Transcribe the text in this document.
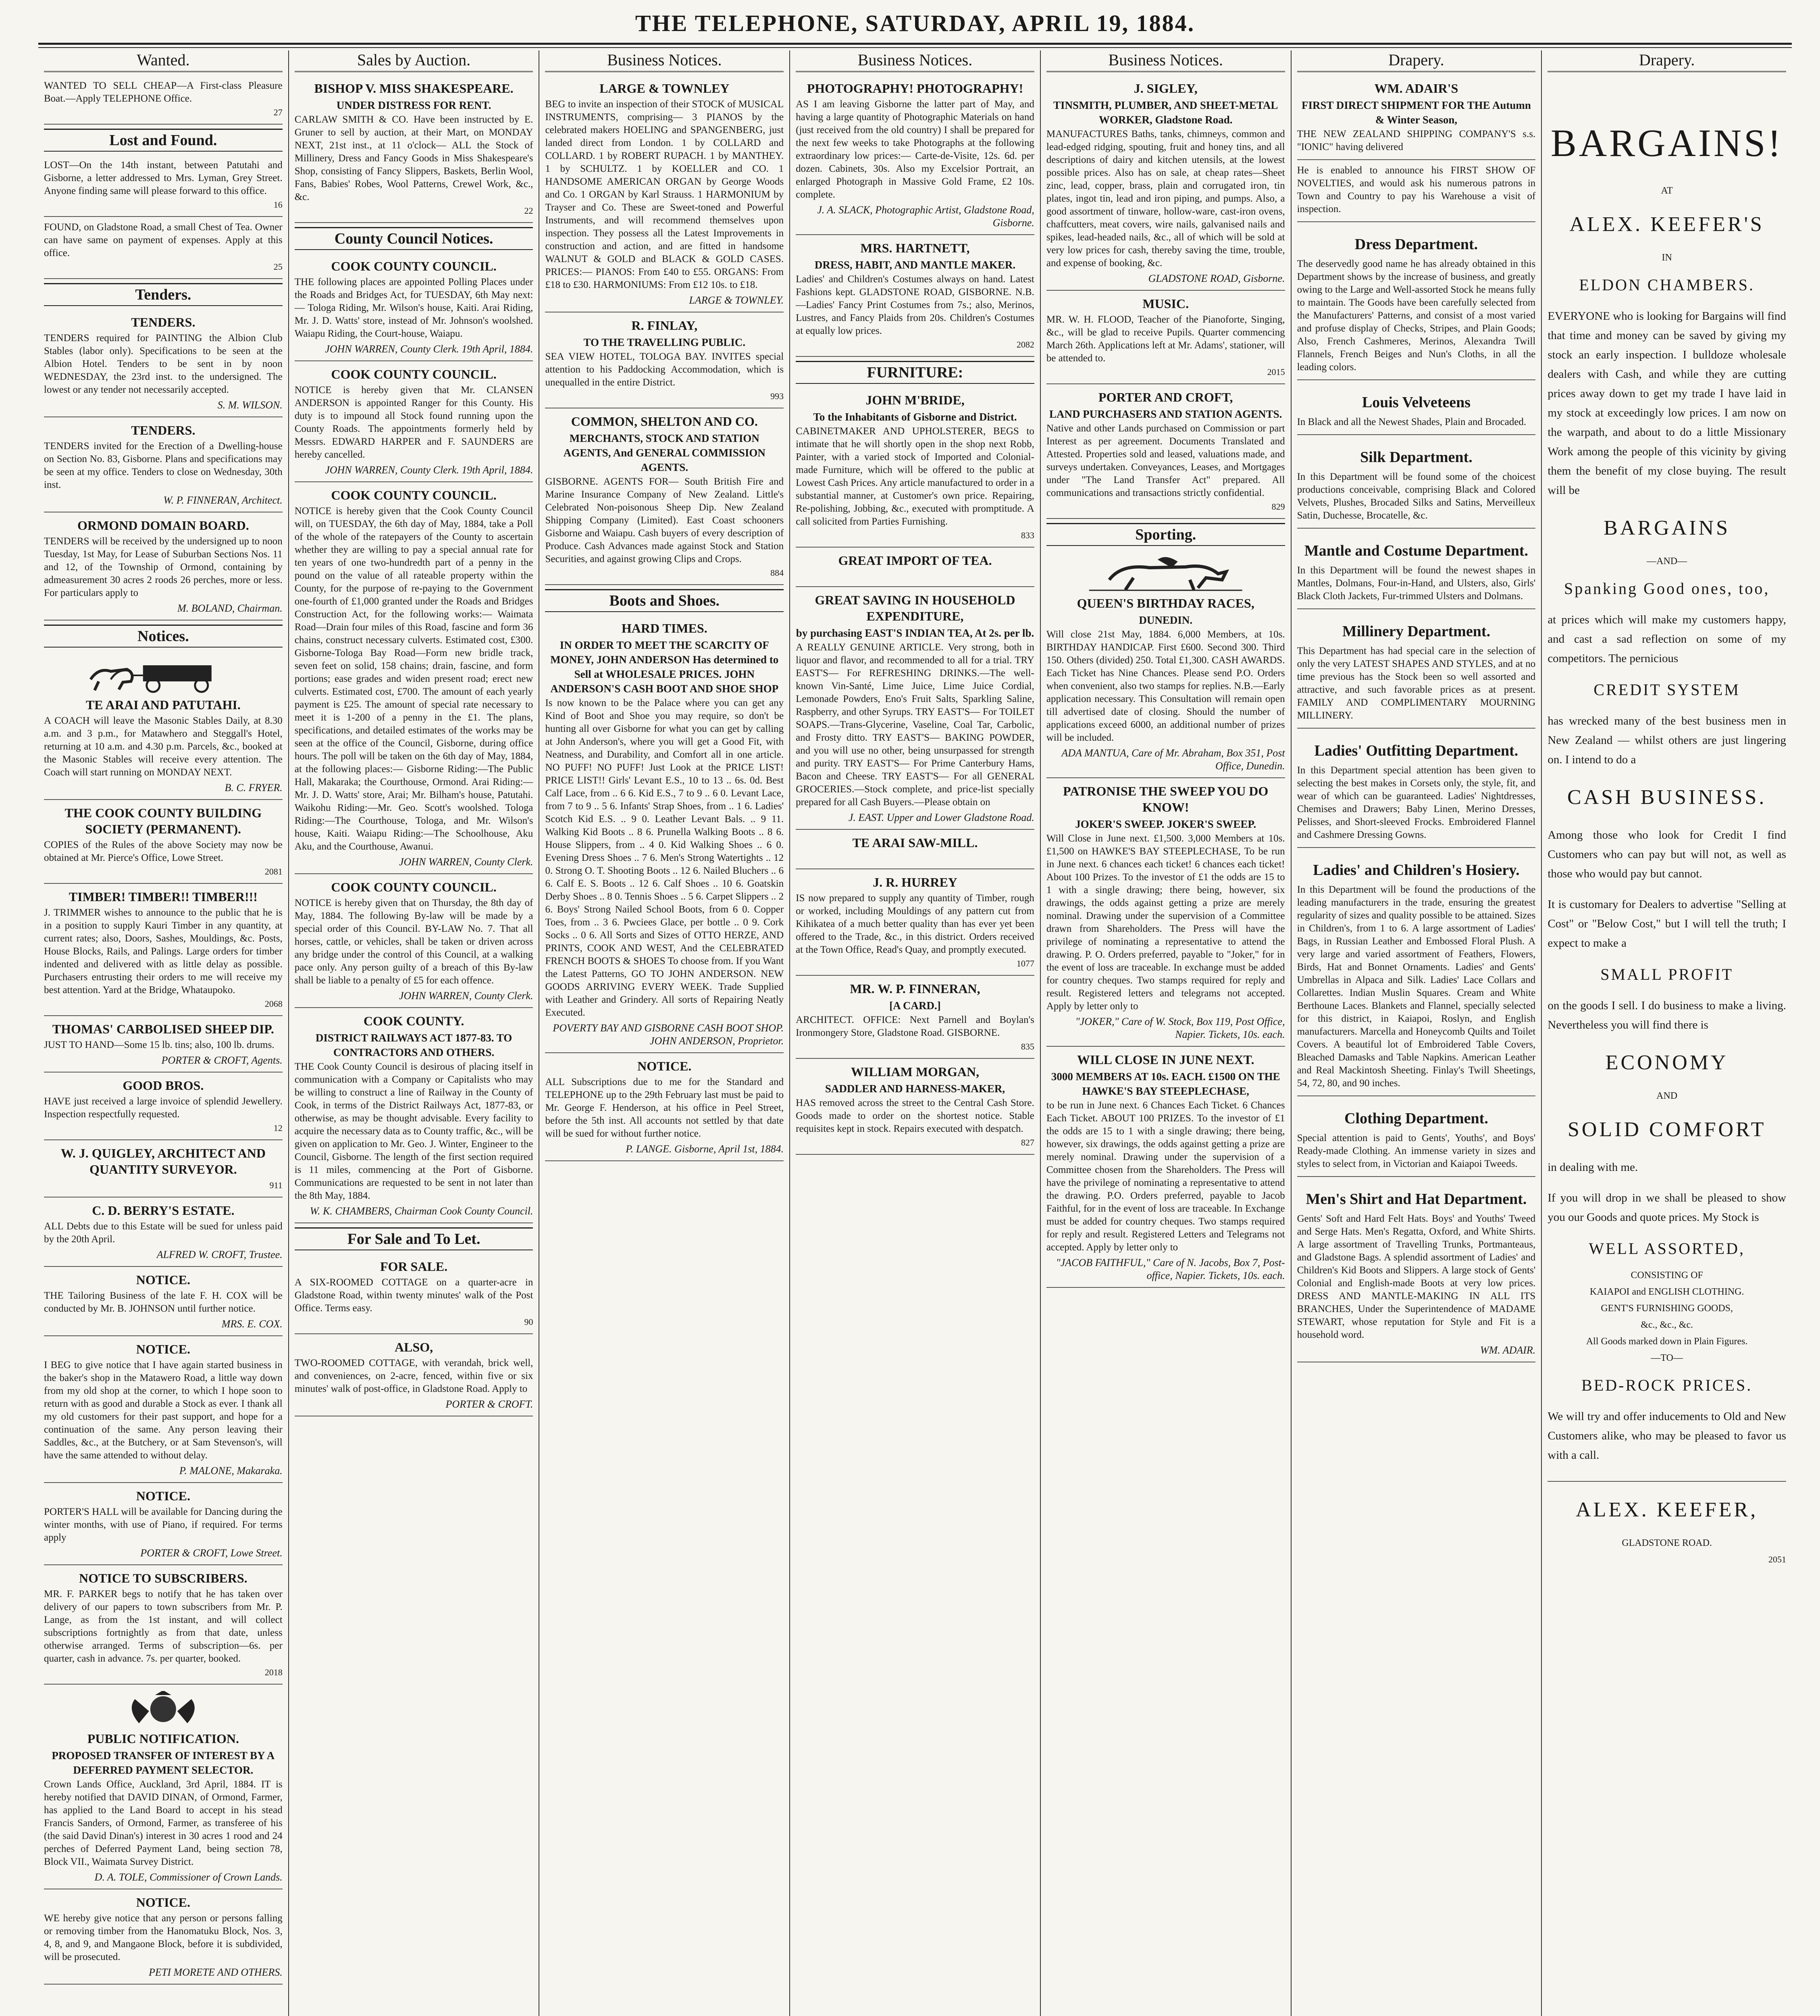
THE TELEPHONE, SATURDAY, APRIL 19, 1884.
Wanted.
WANTED TO SELL CHEAP—A First-class Pleasure Boat.—Apply TELEPHONE Office.
27
Lost and Found.
LOST—On the 14th instant, between Patutahi and Gisborne, a letter addressed to Mrs. Lyman, Grey Street. Anyone finding same will please forward to this office.
16
FOUND, on Gladstone Road, a small Chest of Tea. Owner can have same on payment of expenses. Apply at this office.
25
Tenders.
TENDERS.
TENDERS required for PAINTING the Albion Club Stables (labor only). Specifications to be seen at the Albion Hotel. Tenders to be sent in by noon WEDNESDAY, the 23rd inst. to the undersigned. The lowest or any tender not necessarily accepted.
S. M. WILSON.
TENDERS.
TENDERS invited for the Erection of a Dwelling-house on Section No. 83, Gisborne. Plans and specifications may be seen at my office. Tenders to close on Wednesday, 30th inst.
W. P. FINNERAN, Architect.
ORMOND DOMAIN BOARD.
TENDERS will be received by the undersigned up to noon Tuesday, 1st May, for Lease of Suburban Sections Nos. 11 and 12, of the Township of Ormond, containing by admeasurement 30 acres 2 roods 26 perches, more or less. For particulars apply to
M. BOLAND, Chairman.
Notices.
TE ARAI AND PATUTAHI.
A COACH will leave the Masonic Stables Daily, at 8.30 a.m. and 3 p.m., for Matawhero and Steggall's Hotel, returning at 10 a.m. and 4.30 p.m. Parcels, &c., booked at the Masonic Stables will receive every attention. The Coach will start running on MONDAY NEXT.
B. C. FRYER.
THE COOK COUNTY BUILDING SOCIETY (PERMANENT).
COPIES of the Rules of the above Society may now be obtained at Mr. Pierce's Office, Lowe Street.
2081
TIMBER! TIMBER!! TIMBER!!!
J. TRIMMER wishes to announce to the public that he is in a position to supply Kauri Timber in any quantity, at current rates; also, Doors, Sashes, Mouldings, &c. Posts, House Blocks, Rails, and Palings. Large orders for timber indented and delivered with as little delay as possible. Purchasers entrusting their orders to me will receive my best attention. Yard at the Bridge, Whataupoko.
2068
THOMAS' CARBOLISED SHEEP DIP.
JUST TO HAND—Some 15 lb. tins; also, 100 lb. drums.
PORTER & CROFT, Agents.
GOOD BROS.
HAVE just received a large invoice of splendid Jewellery. Inspection respectfully requested.
12
W. J. QUIGLEY, ARCHITECT AND QUANTITY SURVEYOR.
911
C. D. BERRY'S ESTATE.
ALL Debts due to this Estate will be sued for unless paid by the 20th April.
ALFRED W. CROFT, Trustee.
NOTICE.
THE Tailoring Business of the late F. H. COX will be conducted by Mr. B. JOHNSON until further notice.
MRS. E. COX.
NOTICE.
I BEG to give notice that I have again started business in the baker's shop in the Matawero Road, a little way down from my old shop at the corner, to which I hope soon to return with as good and durable a Stock as ever. I thank all my old customers for their past support, and hope for a continuation of the same. Any person leaving their Saddles, &c., at the Butchery, or at Sam Stevenson's, will have the same attended to without delay.
P. MALONE, Makaraka.
NOTICE.
PORTER'S HALL will be available for Dancing during the winter months, with use of Piano, if required. For terms apply
PORTER & CROFT, Lowe Street.
NOTICE TO SUBSCRIBERS.
MR. F. PARKER begs to notify that he has taken over delivery of our papers to town subscribers from Mr. P. Lange, as from the 1st instant, and will collect subscriptions fortnightly as from that date, unless otherwise arranged. Terms of subscription—6s. per quarter, cash in advance. 7s. per quarter, booked.
2018
PUBLIC NOTIFICATION.
PROPOSED TRANSFER OF INTEREST BY A DEFERRED PAYMENT SELECTOR.
Crown Lands Office, Auckland, 3rd April, 1884. IT is hereby notified that DAVID DINAN, of Ormond, Farmer, has applied to the Land Board to accept in his stead Francis Sanders, of Ormond, Farmer, as transferee of his (the said David Dinan's) interest in 30 acres 1 rood and 24 perches of Deferred Payment Land, being section 78, Block VII., Waimata Survey District.
D. A. TOLE, Commissioner of Crown Lands.
NOTICE.
WE hereby give notice that any person or persons falling or removing timber from the Hanomatuku Block, Nos. 3, 4, 8, and 9, and Mangaone Block, before it is subdivided, will be prosecuted.
PETI MORETE AND OTHERS.
Sales by Auction.
BISHOP V. MISS SHAKESPEARE.
UNDER DISTRESS FOR RENT.
CARLAW SMITH & CO. Have been instructed by E. Gruner to sell by auction, at their Mart, on MONDAY NEXT, 21st inst., at 11 o'clock— ALL the Stock of Millinery, Dress and Fancy Goods in Miss Shakespeare's Shop, consisting of Fancy Slippers, Baskets, Berlin Wool, Fans, Babies' Robes, Wool Patterns, Crewel Work, &c., &c.
22
County Council Notices.
COOK COUNTY COUNCIL.
THE following places are appointed Polling Places under the Roads and Bridges Act, for TUESDAY, 6th May next:— Tologa Riding, Mr. Wilson's house, Kaiti. Arai Riding, Mr. J. D. Watts' store, instead of Mr. Johnson's woolshed. Waiapu Riding, the Court-house, Waiapu.
JOHN WARREN, County Clerk. 19th April, 1884.
COOK COUNTY COUNCIL.
NOTICE is hereby given that Mr. CLANSEN ANDERSON is appointed Ranger for this County. His duty is to impound all Stock found running upon the County Roads. The appointments formerly held by Messrs. EDWARD HARPER and F. SAUNDERS are hereby cancelled.
JOHN WARREN, County Clerk. 19th April, 1884.
COOK COUNTY COUNCIL.
NOTICE is hereby given that the Cook County Council will, on TUESDAY, the 6th day of May, 1884, take a Poll of the whole of the ratepayers of the County to ascertain whether they are willing to pay a special annual rate for ten years of one two-hundredth part of a penny in the pound on the value of all rateable property within the County, for the purpose of re-paying to the Government one-fourth of £1,000 granted under the Roads and Bridges Construction Act, for the following works:— Waimata Road—Drain four miles of this Road, fascine and form 36 chains, construct necessary culverts. Estimated cost, £300. Gisborne-Tologa Bay Road—Form new bridle track, seven feet on solid, 158 chains; drain, fascine, and form portions; ease grades and widen present road; erect new culverts. Estimated cost, £700. The amount of each yearly payment is £25. The amount of special rate necessary to meet it is 1-200 of a penny in the £1. The plans, specifications, and detailed estimates of the works may be seen at the office of the Council, Gisborne, during office hours. The poll will be taken on the 6th day of May, 1884, at the following places:— Gisborne Riding:—The Public Hall, Makaraka; the Courthouse, Ormond. Arai Riding:—Mr. J. D. Watts' store, Arai; Mr. Bilham's house, Patutahi. Waikohu Riding:—Mr. Geo. Scott's woolshed. Tologa Riding:—The Courthouse, Tologa, and Mr. Wilson's house, Kaiti. Waiapu Riding:—The Schoolhouse, Aku Aku, and the Courthouse, Awanui.
JOHN WARREN, County Clerk.
COOK COUNTY COUNCIL.
NOTICE is hereby given that on Thursday, the 8th day of May, 1884. The following By-law will be made by a special order of this Council. BY-LAW No. 7. That all horses, cattle, or vehicles, shall be taken or driven across any bridge under the control of this Council, at a walking pace only. Any person guilty of a breach of this By-law shall be liable to a penalty of £5 for each offence.
JOHN WARREN, County Clerk.
COOK COUNTY.
DISTRICT RAILWAYS ACT 1877-83. TO CONTRACTORS AND OTHERS.
THE Cook County Council is desirous of placing itself in communication with a Company or Capitalists who may be willing to construct a line of Railway in the County of Cook, in terms of the District Railways Act, 1877-83, or otherwise, as may be thought advisable. Every facility to acquire the necessary data as to County traffic, &c., will be given on application to Mr. Geo. J. Winter, Engineer to the Council, Gisborne. The length of the first section required is 11 miles, commencing at the Port of Gisborne. Communications are requested to be sent in not later than the 8th May, 1884.
W. K. CHAMBERS, Chairman Cook County Council.
For Sale and To Let.
FOR SALE.
A SIX-ROOMED COTTAGE on a quarter-acre in Gladstone Road, within twenty minutes' walk of the Post Office. Terms easy.
90
ALSO,
TWO-ROOMED COTTAGE, with verandah, brick well, and conveniences, on 2-acre, fenced, within five or six minutes' walk of post-office, in Gladstone Road. Apply to
PORTER & CROFT.
Business Notices.
LARGE & TOWNLEY
BEG to invite an inspection of their STOCK of MUSICAL INSTRUMENTS, comprising— 3 PIANOS by the celebrated makers HOELING and SPANGENBERG, just landed direct from London. 1 by COLLARD and COLLARD. 1 by ROBERT RUPACH. 1 by MANTHEY. 1 by SCHULTZ. 1 by KOELLER and CO. 1 HANDSOME AMERICAN ORGAN by George Woods and Co. 1 ORGAN by Karl Strauss. 1 HARMONIUM by Trayser and Co. These are Sweet-toned and Powerful Instruments, and will recommend themselves upon inspection. They possess all the Latest Improvements in construction and action, and are fitted in handsome WALNUT & GOLD and BLACK & GOLD CASES. PRICES:— PIANOS: From £40 to £55. ORGANS: From £18 to £30. HARMONIUMS: From £12 10s. to £18.
LARGE & TOWNLEY.
R. FINLAY,
TO THE TRAVELLING PUBLIC.
SEA VIEW HOTEL, TOLOGA BAY. INVITES special attention to his Paddocking Accommodation, which is unequalled in the entire District.
993
COMMON, SHELTON AND CO.
MERCHANTS, STOCK AND STATION AGENTS, And GENERAL COMMISSION AGENTS.
GISBORNE. AGENTS FOR— South British Fire and Marine Insurance Company of New Zealand. Little's Celebrated Non-poisonous Sheep Dip. New Zealand Shipping Company (Limited). East Coast schooners Gisborne and Waiapu. Cash buyers of every description of Produce. Cash Advances made against Stock and Station Securities, and against growing Clips and Crops.
884
Boots and Shoes.
HARD TIMES.
IN ORDER TO MEET THE SCARCITY OF MONEY, JOHN ANDERSON Has determined to Sell at WHOLESALE PRICES. JOHN ANDERSON'S CASH BOOT AND SHOE SHOP
Is now known to be the Palace where you can get any Kind of Boot and Shoe you may require, so don't be hunting all over Gisborne for what you can get by calling at John Anderson's, where you will get a Good Fit, with Neatness, and Durability, and Comfort all in one article. NO PUFF! NO PUFF! Just Look at the PRICE LIST! PRICE LIST!! Girls' Levant E.S., 10 to 13 .. 6s. 0d. Best Calf Lace, from .. 6 6. Kid E.S., 7 to 9 .. 6 0. Levant Lace, from 7 to 9 .. 5 6. Infants' Strap Shoes, from .. 1 6. Ladies' Scotch Kid E.S. .. 9 0. Leather Levant Bals. .. 9 11. Walking Kid Boots .. 8 6. Prunella Walking Boots .. 8 6. House Slippers, from .. 4 0. Kid Walking Shoes .. 6 0. Evening Dress Shoes .. 7 6. Men's Strong Watertights .. 12 0. Strong O. T. Shooting Boots .. 12 6. Nailed Bluchers .. 6 6. Calf E. S. Boots .. 12 6. Calf Shoes .. 10 6. Goatskin Derby Shoes .. 8 0. Tennis Shoes .. 5 6. Carpet Slippers .. 2 6. Boys' Strong Nailed School Boots, from 6 0. Copper Toes, from .. 3 6. Pwciees Glace, per bottle .. 0 9. Cork Socks .. 0 6. All Sorts and Sizes of OTTO HERZE, AND PRINTS, COOK AND WEST, And the CELEBRATED FRENCH BOOTS & SHOES To choose from. If you Want the Latest Patterns, GO TO JOHN ANDERSON. NEW GOODS ARRIVING EVERY WEEK. Trade Supplied with Leather and Grindery. All sorts of Repairing Neatly Executed.
POVERTY BAY AND GISBORNE CASH BOOT SHOP. JOHN ANDERSON, Proprietor.
NOTICE.
ALL Subscriptions due to me for the Standard and TELEPHONE up to the 29th February last must be paid to Mr. George F. Henderson, at his office in Peel Street, before the 5th inst. All accounts not settled by that date will be sued for without further notice.
P. LANGE. Gisborne, April 1st, 1884.
Business Notices.
PHOTOGRAPHY! PHOTOGRAPHY!
AS I am leaving Gisborne the latter part of May, and having a large quantity of Photographic Materials on hand (just received from the old country) I shall be prepared for the next few weeks to take Photographs at the following extraordinary low prices:— Carte-de-Visite, 12s. 6d. per dozen. Cabinets, 30s. Also my Excelsior Portrait, an enlarged Photograph in Massive Gold Frame, £2 10s. complete.
J. A. SLACK, Photographic Artist, Gladstone Road, Gisborne.
MRS. HARTNETT,
DRESS, HABIT, AND MANTLE MAKER.
Ladies' and Children's Costumes always on hand. Latest Fashions kept. GLADSTONE ROAD, GISBORNE. N.B.—Ladies' Fancy Print Costumes from 7s.; also, Merinos, Lustres, and Fancy Plaids from 20s. Children's Costumes at equally low prices.
2082
FURNITURE:
JOHN M'BRIDE,
To the Inhabitants of Gisborne and District.
CABINETMAKER AND UPHOLSTERER, BEGS to intimate that he will shortly open in the shop next Robb, Painter, with a varied stock of Imported and Colonial-made Furniture, which will be offered to the public at Lowest Cash Prices. Any article manufactured to order in a substantial manner, at Customer's own price. Repairing, Re-polishing, Jobbing, &c., executed with promptitude. A call solicited from Parties Furnishing.
833
GREAT IMPORT OF TEA.
GREAT SAVING IN HOUSEHOLD EXPENDITURE,
by purchasing EAST'S INDIAN TEA, At 2s. per lb.
A REALLY GENUINE ARTICLE. Very strong, both in liquor and flavor, and recommended to all for a trial. TRY EAST'S— For REFRESHING DRINKS.—The well-known Vin-Santé, Lime Juice, Lime Juice Cordial, Lemonade Powders, Eno's Fruit Salts, Sparkling Saline, Raspberry, and other Syrups. TRY EAST'S— For TOILET SOAPS.—Trans-Glycerine, Vaseline, Coal Tar, Carbolic, and Frosty ditto. TRY EAST'S— BAKING POWDER, and you will use no other, being unsurpassed for strength and purity. TRY EAST'S— For Prime Canterbury Hams, Bacon and Cheese. TRY EAST'S— For all GENERAL GROCERIES.—Stock complete, and price-list specially prepared for all Cash Buyers.—Please obtain on
J. EAST. Upper and Lower Gladstone Road.
TE ARAI SAW-MILL.
J. R. HURREY
IS now prepared to supply any quantity of Timber, rough or worked, including Mouldings of any pattern cut from Kihikatea of a much better quality than has ever yet been offered to the Trade, &c., in this district. Orders received at the Town Office, Read's Quay, and promptly executed.
1077
MR. W. P. FINNERAN,
[A CARD.]
ARCHITECT. OFFICE: Next Parnell and Boylan's Ironmongery Store, Gladstone Road. GISBORNE.
835
WILLIAM MORGAN,
SADDLER AND HARNESS-MAKER,
HAS removed across the street to the Central Cash Store. Goods made to order on the shortest notice. Stable requisites kept in stock. Repairs executed with despatch.
827
Business Notices.
J. SIGLEY,
TINSMITH, PLUMBER, AND SHEET-METAL WORKER, Gladstone Road.
MANUFACTURES Baths, tanks, chimneys, common and lead-edged ridging, spouting, fruit and honey tins, and all descriptions of dairy and kitchen utensils, at the lowest possible prices. Also has on sale, at cheap rates—Sheet zinc, lead, copper, brass, plain and corrugated iron, tin plates, ingot tin, lead and iron piping, and pumps. Also, a good assortment of tinware, hollow-ware, cast-iron ovens, chaffcutters, meat covers, wire nails, galvanised nails and spikes, lead-headed nails, &c., all of which will be sold at very low prices for cash, thereby saving the time, trouble, and expense of booking, &c.
GLADSTONE ROAD, Gisborne.
MUSIC.
MR. W. H. FLOOD, Teacher of the Pianoforte, Singing, &c., will be glad to receive Pupils. Quarter commencing March 26th. Applications left at Mr. Adams', stationer, will be attended to.
2015
PORTER AND CROFT,
LAND PURCHASERS AND STATION AGENTS.
Native and other Lands purchased on Commission or part Interest as per agreement. Documents Translated and Attested. Properties sold and leased, valuations made, and surveys undertaken. Conveyances, Leases, and Mortgages under "The Land Transfer Act" prepared. All communications and transactions strictly confidential.
829
Sporting.
QUEEN'S BIRTHDAY RACES,
DUNEDIN.
Will close 21st May, 1884. 6,000 Members, at 10s. BIRTHDAY HANDICAP. First £600. Second 300. Third 150. Others (divided) 250. Total £1,300. CASH AWARDS. Each Ticket has Nine Chances. Please send P.O. Orders when convenient, also two stamps for replies. N.B.—Early application necessary. This Consultation will remain open till advertised date of closing. Should the number of applications exceed 6000, an additional number of prizes will be included.
ADA MANTUA, Care of Mr. Abraham, Box 351, Post Office, Dunedin.
PATRONISE THE SWEEP YOU DO KNOW!
JOKER'S SWEEP. JOKER'S SWEEP.
Will Close in June next. £1,500. 3,000 Members at 10s. £1,500 on HAWKE'S BAY STEEPLECHASE, To be run in June next. 6 chances each ticket! 6 chances each ticket! About 100 Prizes. To the investor of £1 the odds are 15 to 1 with a single drawing; there being, however, six drawings, the odds against getting a prize are merely nominal. Drawing under the supervision of a Committee drawn from Shareholders. The Press will have the privilege of nominating a representative to attend the drawing. P. O. Orders preferred, payable to "Joker," for in the event of loss are traceable. In exchange must be added for country cheques. Two stamps required for reply and result. Registered letters and telegrams not accepted. Apply by letter only to
"JOKER," Care of W. Stock, Box 119, Post Office, Napier. Tickets, 10s. each.
WILL CLOSE IN JUNE NEXT.
3000 MEMBERS AT 10s. EACH. £1500 ON THE HAWKE'S BAY STEEPLECHASE,
to be run in June next. 6 Chances Each Ticket. 6 Chances Each Ticket. ABOUT 100 PRIZES. To the investor of £1 the odds are 15 to 1 with a single drawing; there being, however, six drawings, the odds against getting a prize are merely nominal. Drawing under the supervision of a Committee chosen from the Shareholders. The Press will have the privilege of nominating a representative to attend the drawing. P.O. Orders preferred, payable to Jacob Faithful, for in the event of loss are traceable. In Exchange must be added for country cheques. Two stamps required for reply and result. Registered Letters and Telegrams not accepted. Apply by letter only to
"JACOB FAITHFUL," Care of N. Jacobs, Box 7, Post-office, Napier. Tickets, 10s. each.
Drapery.
WM. ADAIR'S
FIRST DIRECT SHIPMENT FOR THE Autumn & Winter Season,
THE NEW ZEALAND SHIPPING COMPANY'S s.s. "IONIC" having delivered
He is enabled to announce his FIRST SHOW OF NOVELTIES, and would ask his numerous patrons in Town and Country to pay his Warehouse a visit of inspection.
Dress Department.
The deservedly good name he has already obtained in this Department shows by the increase of business, and greatly owing to the Large and Well-assorted Stock he means fully to maintain. The Goods have been carefully selected from the Manufacturers' Patterns, and consist of a most varied and profuse display of Checks, Stripes, and Plain Goods; Also, French Cashmeres, Merinos, Alexandra Twill Flannels, French Beiges and Nun's Cloths, in all the leading colors.
Louis Velveteens
In Black and all the Newest Shades, Plain and Brocaded.
Silk Department.
In this Department will be found some of the choicest productions conceivable, comprising Black and Colored Velvets, Plushes, Brocaded Silks and Satins, Merveilleux Satin, Duchesse, Brocatelle, &c.
Mantle and Costume Department.
In this Department will be found the newest shapes in Mantles, Dolmans, Four-in-Hand, and Ulsters, also, Girls' Black Cloth Jackets, Fur-trimmed Ulsters and Dolmans.
Millinery Department.
This Department has had special care in the selection of only the very LATEST SHAPES AND STYLES, and at no time previous has the Stock been so well assorted and attractive, and such favorable prices as at present. FAMILY AND COMPLIMENTARY MOURNING MILLINERY.
Ladies' Outfitting Department.
In this Department special attention has been given to selecting the best makes in Corsets only, the style, fit, and wear of which can be guaranteed. Ladies' Nightdresses, Chemises and Drawers; Baby Linen, Merino Dresses, Pelisses, and Short-sleeved Frocks. Embroidered Flannel and Cashmere Dressing Gowns.
Ladies' and Children's Hosiery.
In this Department will be found the productions of the leading manufacturers in the trade, ensuring the greatest regularity of sizes and quality possible to be attained. Sizes in Children's, from 1 to 6. A large assortment of Ladies' Bags, in Russian Leather and Embossed Floral Plush. A very large and varied assortment of Feathers, Flowers, Birds, Hat and Bonnet Ornaments. Ladies' and Gents' Umbrellas in Alpaca and Silk. Ladies' Lace Collars and Collarettes. Indian Muslin Squares. Cream and White Berthoune Laces. Blankets and Flannel, specially selected for this district, in Kaiapoi, Roslyn, and English manufacturers. Marcella and Honeycomb Quilts and Toilet Covers. A beautiful lot of Embroidered Table Covers, Bleached Damasks and Table Napkins. American Leather and Real Mackintosh Sheeting. Finlay's Twill Sheetings, 54, 72, 80, and 90 inches.
Clothing Department.
Special attention is paid to Gents', Youths', and Boys' Ready-made Clothing. An immense variety in sizes and styles to select from, in Victorian and Kaiapoi Tweeds.
Men's Shirt and Hat Department.
Gents' Soft and Hard Felt Hats. Boys' and Youths' Tweed and Serge Hats. Men's Regatta, Oxford, and White Shirts. A large assortment of Travelling Trunks, Portmanteaus, and Gladstone Bags. A splendid assortment of Ladies' and Children's Kid Boots and Slippers. A large stock of Gents' Colonial and English-made Boots at very low prices. DRESS AND MANTLE-MAKING IN ALL ITS BRANCHES, Under the Superintendence of MADAME STEWART, whose reputation for Style and Fit is a household word.
WM. ADAIR.
Drapery.
BARGAINS!
AT
ALEX. KEEFER'S
IN
ELDON CHAMBERS.
EVERYONE who is looking for Bargains will find that time and money can be saved by giving my stock an early inspection. I bulldoze wholesale dealers with Cash, and while they are cutting prices away down to get my trade I have laid in my stock at exceedingly low prices. I am now on the warpath, and about to do a little Missionary Work among the people of this vicinity by giving them the benefit of my close buying. The result will be
BARGAINS
—AND—
Spanking Good ones, too,
at prices which will make my customers happy, and cast a sad reflection on some of my competitors. The pernicious
CREDIT SYSTEM
has wrecked many of the best business men in New Zealand — whilst others are just lingering on. I intend to do a
CASH BUSINESS.
Among those who look for Credit I find Customers who can pay but will not, as well as those who would pay but cannot.
It is customary for Dealers to advertise "Selling at Cost" or "Below Cost," but I will tell the truth; I expect to make a
SMALL PROFIT
on the goods I sell. I do business to make a living. Nevertheless you will find there is
ECONOMY
AND
SOLID COMFORT
in dealing with me.
If you will drop in we shall be pleased to show you our Goods and quote prices. My Stock is
WELL ASSORTED,
CONSISTING OF
KAIAPOI and ENGLISH CLOTHING.
GENT'S FURNISHING GOODS,
&c., &c., &c.
All Goods marked down in Plain Figures.
—TO—
BED-ROCK PRICES.
We will try and offer inducements to Old and New Customers alike, who may be pleased to favor us with a call.
ALEX. KEEFER,
GLADSTONE ROAD.
2051
